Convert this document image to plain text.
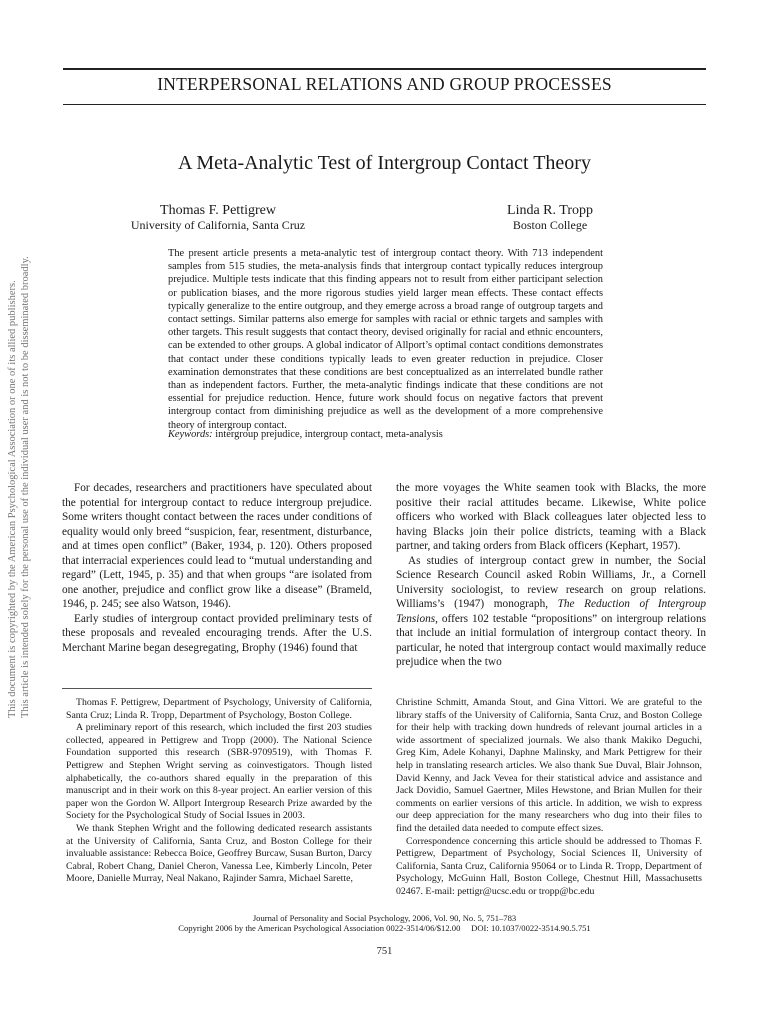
This document is copyrighted by the American Psychological Association or one of its allied publishers. This article is intended solely for the personal use of the individual user and is not to be disseminated broadly.
INTERPERSONAL RELATIONS AND GROUP PROCESSES
A Meta-Analytic Test of Intergroup Contact Theory
Thomas F. Pettigrew
University of California, Santa Cruz
Linda R. Tropp
Boston College
The present article presents a meta-analytic test of intergroup contact theory. With 713 independent samples from 515 studies, the meta-analysis finds that intergroup contact typically reduces intergroup prejudice. Multiple tests indicate that this finding appears not to result from either participant selection or publication biases, and the more rigorous studies yield larger mean effects. These contact effects typically generalize to the entire outgroup, and they emerge across a broad range of outgroup targets and contact settings. Similar patterns also emerge for samples with racial or ethnic targets and samples with other targets. This result suggests that contact theory, devised originally for racial and ethnic encounters, can be extended to other groups. A global indicator of Allport’s optimal contact conditions demonstrates that contact under these conditions typically leads to even greater reduction in prejudice. Closer examination demonstrates that these conditions are best conceptualized as an interrelated bundle rather than as independent factors. Further, the meta-analytic findings indicate that these conditions are not essential for prejudice reduction. Hence, future work should focus on negative factors that prevent intergroup contact from diminishing prejudice as well as the development of a more comprehensive theory of intergroup contact.
Keywords: intergroup prejudice, intergroup contact, meta-analysis

For decades, researchers and practitioners have speculated about the potential for intergroup contact to reduce intergroup prejudice. Some writers thought contact between the races under conditions of equality would only breed “suspicion, fear, resentment, disturbance, and at times open conflict” (Baker, 1934, p. 120). Others proposed that interracial experiences could lead to “mutual understanding and regard” (Lett, 1945, p. 35) and that when groups “are isolated from one another, prejudice and conflict grow like a disease” (Brameld, 1946, p. 245; see also Watson, 1946).

Early studies of intergroup contact provided preliminary tests of these proposals and revealed encouraging trends. After the U.S. Merchant Marine began desegregating, Brophy (1946) found that

the more voyages the White seamen took with Blacks, the more positive their racial attitudes became. Likewise, White police officers who worked with Black colleagues later objected less to having Blacks join their police districts, teaming with a Black partner, and taking orders from Black officers (Kephart, 1957).

As studies of intergroup contact grew in number, the Social Science Research Council asked Robin Williams, Jr., a Cornell University sociologist, to review research on group relations. Williams’s (1947) monograph, The Reduction of Intergroup Tensions, offers 102 testable “propositions” on intergroup relations that include an initial formulation of intergroup contact theory. In particular, he noted that intergroup contact would maximally reduce prejudice when the two

Thomas F. Pettigrew, Department of Psychology, University of California, Santa Cruz; Linda R. Tropp, Department of Psychology, Boston College.

A preliminary report of this research, which included the first 203 studies collected, appeared in Pettigrew and Tropp (2000). The National Science Foundation supported this research (SBR-9709519), with Thomas F. Pettigrew and Stephen Wright serving as coinvestigators. Though listed alphabetically, the co-authors shared equally in the preparation of this manuscript and in their work on this 8-year project. An earlier version of this paper won the Gordon W. Allport Intergroup Research Prize awarded by the Society for the Psychological Study of Social Issues in 2003.

We thank Stephen Wright and the following dedicated research assistants at the University of California, Santa Cruz, and Boston College for their invaluable assistance: Rebecca Boice, Geoffrey Burcaw, Susan Burton, Darcy Cabral, Robert Chang, Daniel Cheron, Vanessa Lee, Kimberly Lincoln, Peter Moore, Danielle Murray, Neal Nakano, Rajinder Samra, Michael Sarette,

Christine Schmitt, Amanda Stout, and Gina Vittori. We are grateful to the library staffs of the University of California, Santa Cruz, and Boston College for their help with tracking down hundreds of relevant journal articles in a wide assortment of specialized journals. We also thank Makiko Deguchi, Greg Kim, Adele Kohanyi, Daphne Malinsky, and Mark Pettigrew for their help in translating research articles. We also thank Sue Duval, Blair Johnson, David Kenny, and Jack Vevea for their statistical advice and assistance and Jack Dovidio, Samuel Gaertner, Miles Hewstone, and Brian Mullen for their comments on earlier versions of this article. In addition, we wish to express our deep appreciation for the many researchers who dug into their files to find the detailed data needed to compute effect sizes.

Correspondence concerning this article should be addressed to Thomas F. Pettigrew, Department of Psychology, Social Sciences II, University of California, Santa Cruz, California 95064 or to Linda R. Tropp, Department of Psychology, McGuinn Hall, Boston College, Chestnut Hill, Massachusetts 02467. E-mail: pettigr@ucsc.edu or tropp@bc.edu

Journal of Personality and Social Psychology, 2006, Vol. 90, No. 5, 751–783
Copyright 2006 by the American Psychological Association 0022-3514/06/$12.00     DOI: 10.1037/0022-3514.90.5.751
751
